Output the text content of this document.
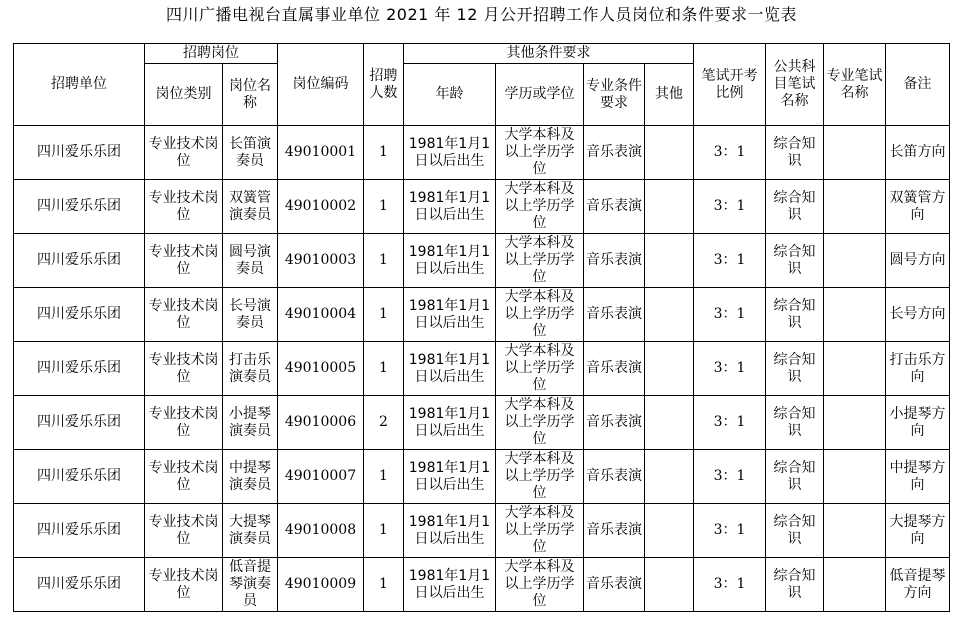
四川广播电视台直属事业单位 2021 年 12 月公开招聘工作人员岗位和条件要求一览表
招聘单位	招聘岗位		岗位编码	招聘人数	其他条件要求				笔试开考比例	公共科目笔试名称	专业笔试名称	备注
	岗位类别	岗位名称			年龄	学历或学位	专业条件要求	其他				
四川爱乐乐团	专业技术岗位	长笛演奏员	49010001	1	1981年1月1日以后出生	大学本科及以上学历学位	音乐表演		3：1	综合知识		长笛方向
四川爱乐乐团	专业技术岗位	双簧管演奏员	49010002	1	1981年1月1日以后出生	大学本科及以上学历学位	音乐表演		3：1	综合知识		双簧管方向
四川爱乐乐团	专业技术岗位	圆号演奏员	49010003	1	1981年1月1日以后出生	大学本科及以上学历学位	音乐表演		3：1	综合知识		圆号方向
四川爱乐乐团	专业技术岗位	长号演奏员	49010004	1	1981年1月1日以后出生	大学本科及以上学历学位	音乐表演		3：1	综合知识		长号方向
四川爱乐乐团	专业技术岗位	打击乐演奏员	49010005	1	1981年1月1日以后出生	大学本科及以上学历学位	音乐表演		3：1	综合知识		打击乐方向
四川爱乐乐团	专业技术岗位	小提琴演奏员	49010006	2	1981年1月1日以后出生	大学本科及以上学历学位	音乐表演		3：1	综合知识		小提琴方向
四川爱乐乐团	专业技术岗位	中提琴演奏员	49010007	1	1981年1月1日以后出生	大学本科及以上学历学位	音乐表演		3：1	综合知识		中提琴方向
四川爱乐乐团	专业技术岗位	大提琴演奏员	49010008	1	1981年1月1日以后出生	大学本科及以上学历学位	音乐表演		3：1	综合知识		大提琴方向
四川爱乐乐团	专业技术岗位	低音提琴演奏员	49010009	1	1981年1月1日以后出生	大学本科及以上学历学位	音乐表演		3：1	综合知识		低音提琴方向
